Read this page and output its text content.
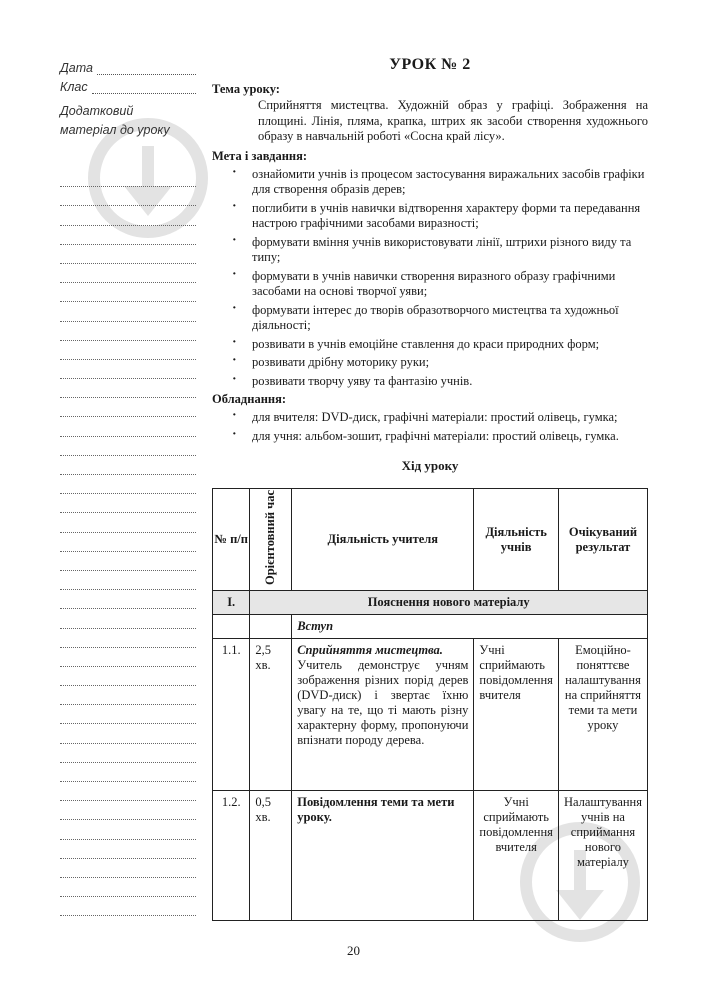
Дата
Клас
Додатковий
матеріал до уроку
УРОК № 2
Тема уроку:
Сприйняття мистецтва. Художній образ у графіці. Зображення на площині. Лінія, пляма, крапка, штрих як засоби створення художнього образу в навчальній роботі «Сосна край лісу».
Мета і завдання:
· ознайомити учнів із процесом застосування виражальних засобів графіки для створення образів дерев;
· поглибити в учнів навички відтворення характеру форми та передавання настрою графічними засобами виразності;
· формувати вміння учнів використовувати лінії, штрихи різного виду та типу;
· формувати в учнів навички створення виразного образу графічними засобами на основі творчої уяви;
· формувати інтерес до творів образотворчого мистецтва та художньої діяльності;
· розвивати в учнів емоційне ставлення до краси природних форм;
· розвивати дрібну моторику руки;
· розвивати творчу уяву та фантазію учнів.
Обладнання:
· для вчителя: DVD-диск, графічні матеріали: простий олівець, гумка;
· для учня: альбом-зошит, графічні матеріали: простий олівець, гумка.
Хід уроку
№ п/п	Орієнтовний час	Діяльність учителя	Діяльність учнів	Очікуваний результат
I.	Пояснення нового матеріалу			
		Вступ		
1.1.	2,5 хв.	Сприйняття мистецтва.
Учитель демонструє учням зображення різних порід дерев (DVD-диск) і звертає їхню увагу на те, що ті мають різну характерну форму, пропонуючи впізнати породу дерева.	Учні сприймають повідомлення вчителя	Емоційно-поняттєве налаштування на сприйняття теми та мети уроку
1.2.	0,5 хв.	Повідомлення теми та мети уроку.	Учні сприймають повідомлення вчителя	Налаштування учнів на сприймання нового матеріалу
20
